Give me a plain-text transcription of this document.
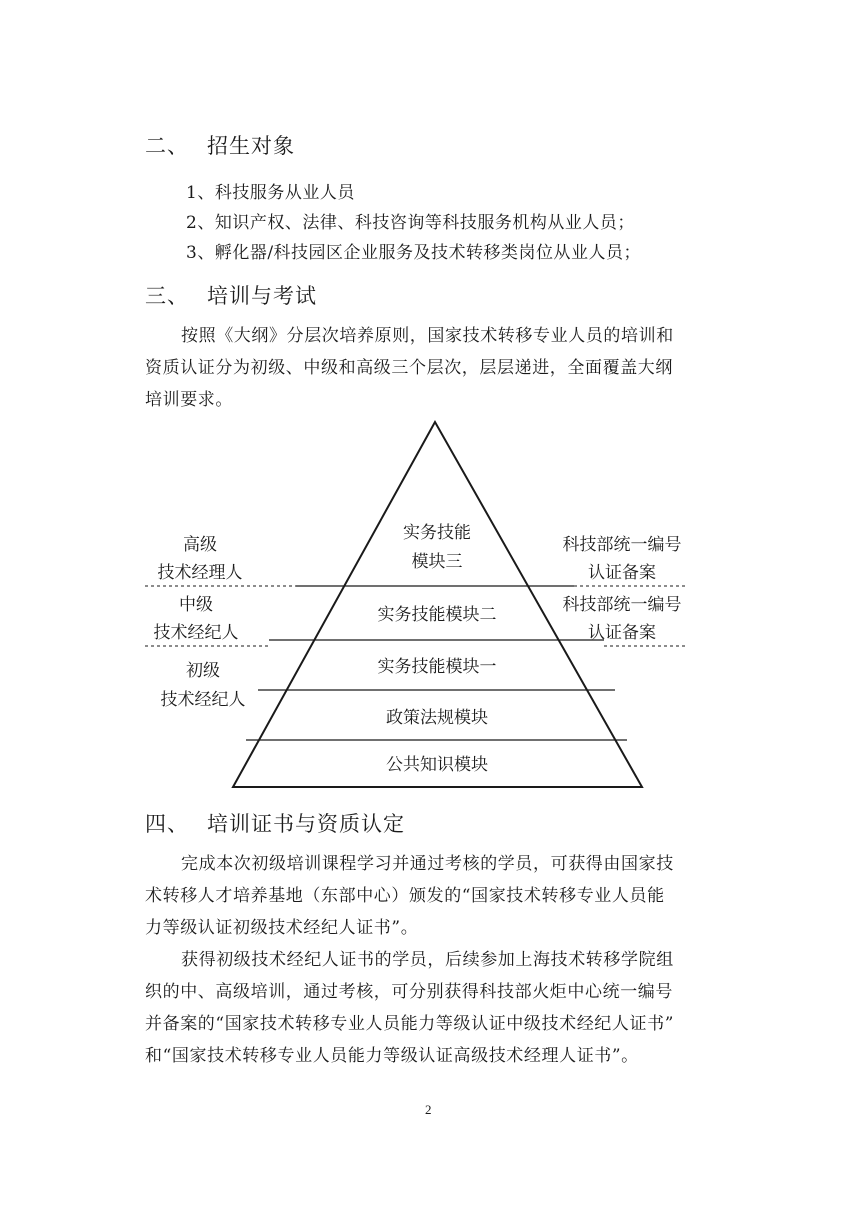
二、 招生对象
1、科技服务从业人员
2、知识产权、法律、科技咨询等科技服务机构从业人员；
3、孵化器/科技园区企业服务及技术转移类岗位从业人员；
三、 培训与考试
按照《大纲》分层次培养原则，国家技术转移专业人员的培训和
资质认证分为初级、中级和高级三个层次，层层递进，全面覆盖大纲
培训要求。
实务技能
模块三
实务技能模块二
实务技能模块一
政策法规模块
公共知识模块
高级
技术经理人
中级
技术经纪人
初级
技术经纪人
科技部统一编号
认证备案
科技部统一编号
认证备案
四、 培训证书与资质认定
完成本次初级培训课程学习并通过考核的学员，可获得由国家技
术转移人才培养基地（东部中心）颁发的“国家技术转移专业人员能
力等级认证初级技术经纪人证书”。
获得初级技术经纪人证书的学员，后续参加上海技术转移学院组
织的中、高级培训，通过考核，可分别获得科技部火炬中心统一编号
并备案的“国家技术转移专业人员能力等级认证中级技术经纪人证书”
和“国家技术转移专业人员能力等级认证高级技术经理人证书”。
2
